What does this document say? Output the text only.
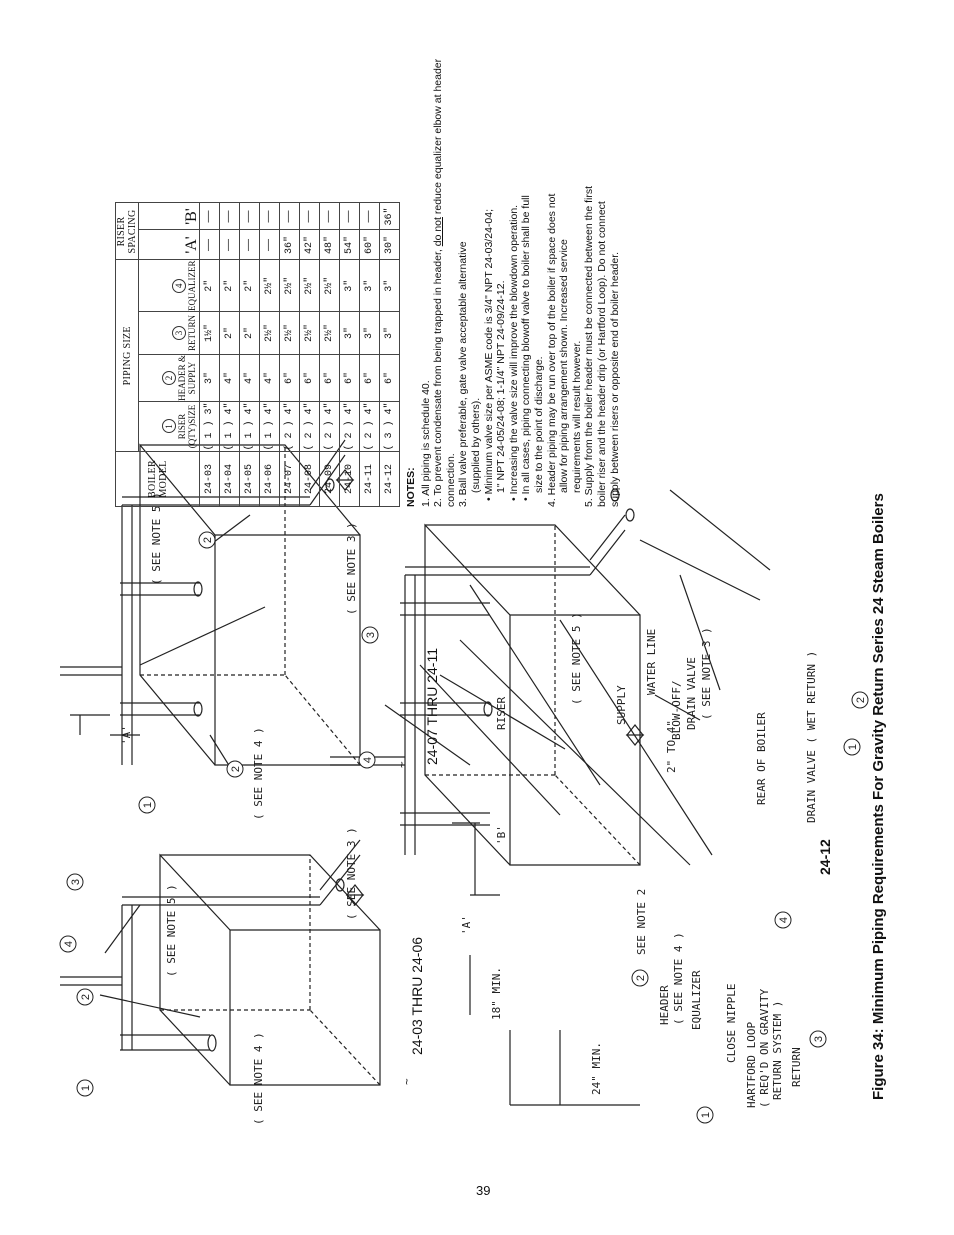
1
2
4
3
1
2
4
3
2
1
2
2
3
4
1
24-03 THRU 24-06
24-07 THRU 24-11
24-12
( SEE NOTE 5 )
( SEE NOTE 4 )
( SEE NOTE 3 )
~
( SEE NOTE 5 )
( SEE NOTE 4 )
( SEE NOTE 3 )
'A'
~
'A'
'B'
18" MIN.
24" MIN.
SEE NOTE 2
RISER
( SEE NOTE 5 )
SUPPLY
WATER LINE
2" TO 4"
BLOW-OFF/ DRAIN VALVE ( SEE NOTE 3 )
REAR OF BOILER	DRAIN VALVE ( WET RETURN )
RETURN
HEADER ( SEE NOTE 4 ) EQUALIZER CLOSE NIPPLE HARTFORD LOOP ( REQ'D ON GRAVITY RETURN SYSTEM )
BOILER MODEL	PIPING SIZE				RISER SPACING	
	1 RISER (QTY)SIZE	2 HEADER & SUPPLY	3 RETURN	4 EQUALIZER	'A'	'B'
24-03	( 1 ) 3"	3"	1½"	2"	——	——
24-04	( 1 ) 4"	4"	2"	2"	——	——
24-05	( 1 ) 4"	4"	2"	2"	——	——
24-06	( 1 ) 4"	4"	2½"	2½"	——	——
24-07	( 2 ) 4"	6"	2½"	2½"	36"	——
24-08	( 2 ) 4"	6"	2½"	2½"	42"	——
24-09	( 2 ) 4"	6"	2½"	2½"	48"	——
24-10	( 2 ) 4"	6"	3"	3"	54"	——
24-11	( 2 ) 4"	6"	3"	3"	60"	——
24-12	( 3 ) 4"	6"	3"	3"	30"	36"
NOTES: 1. All piping is schedule 40. 2. To prevent condensate from being trapped in header, do not reduce equalizer elbow at header connection. 3. Ball valve preferable, gate valve acceptable alternative (supplied by others). • Minimum valve size per ASME code is 3/4" NPT 24-03/24-04; 1" NPT 24-05/24-08; 1-1/4" NPT 24-09/24-12. • Increasing the valve size will improve the blowdown operation. • In all cases, piping connecting blowoff valve to boiler shall be full size to the point of discharge. 4. Header piping may be run over top of the boiler if space does not allow for piping arrangement shown. Increased service requirements will result however. 5. Supply from the boiler header must be connected between the first boiler riser and the header drip (or Hartford Loop). Do not connect supply between risers or opposite end of boiler header.

Figure 34: Minimum Piping Requirements For Gravity Return Series 24 Steam Boilers
39
